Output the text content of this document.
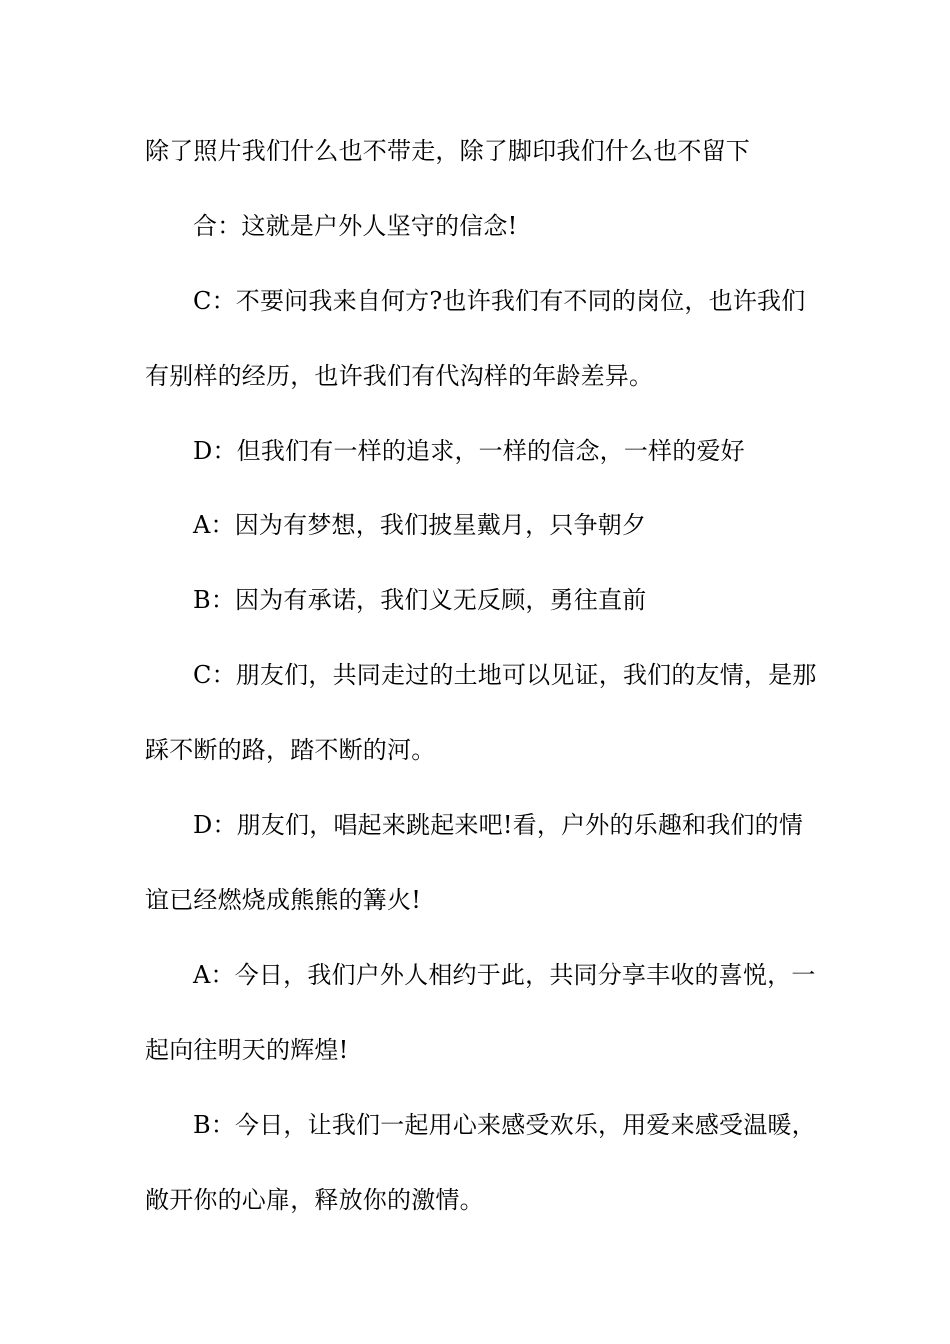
除了照片我们什么也不带走，除了脚印我们什么也不留下
合：这就是户外人坚守的信念!
C：不要问我来自何方?也许我们有不同的岗位，也许我们
有别样的经历，也许我们有代沟样的年龄差异。
D：但我们有一样的追求，一样的信念，一样的爱好
A：因为有梦想，我们披星戴月，只争朝夕
B：因为有承诺，我们义无反顾，勇往直前
C：朋友们，共同走过的土地可以见证，我们的友情，是那
踩不断的路，踏不断的河。
D：朋友们，唱起来跳起来吧!看，户外的乐趣和我们的情
谊已经燃烧成熊熊的篝火!
A：今日，我们户外人相约于此，共同分享丰收的喜悦，一
起向往明天的辉煌!
B：今日，让我们一起用心来感受欢乐，用爱来感受温暖，
敞开你的心扉，释放你的激情。
